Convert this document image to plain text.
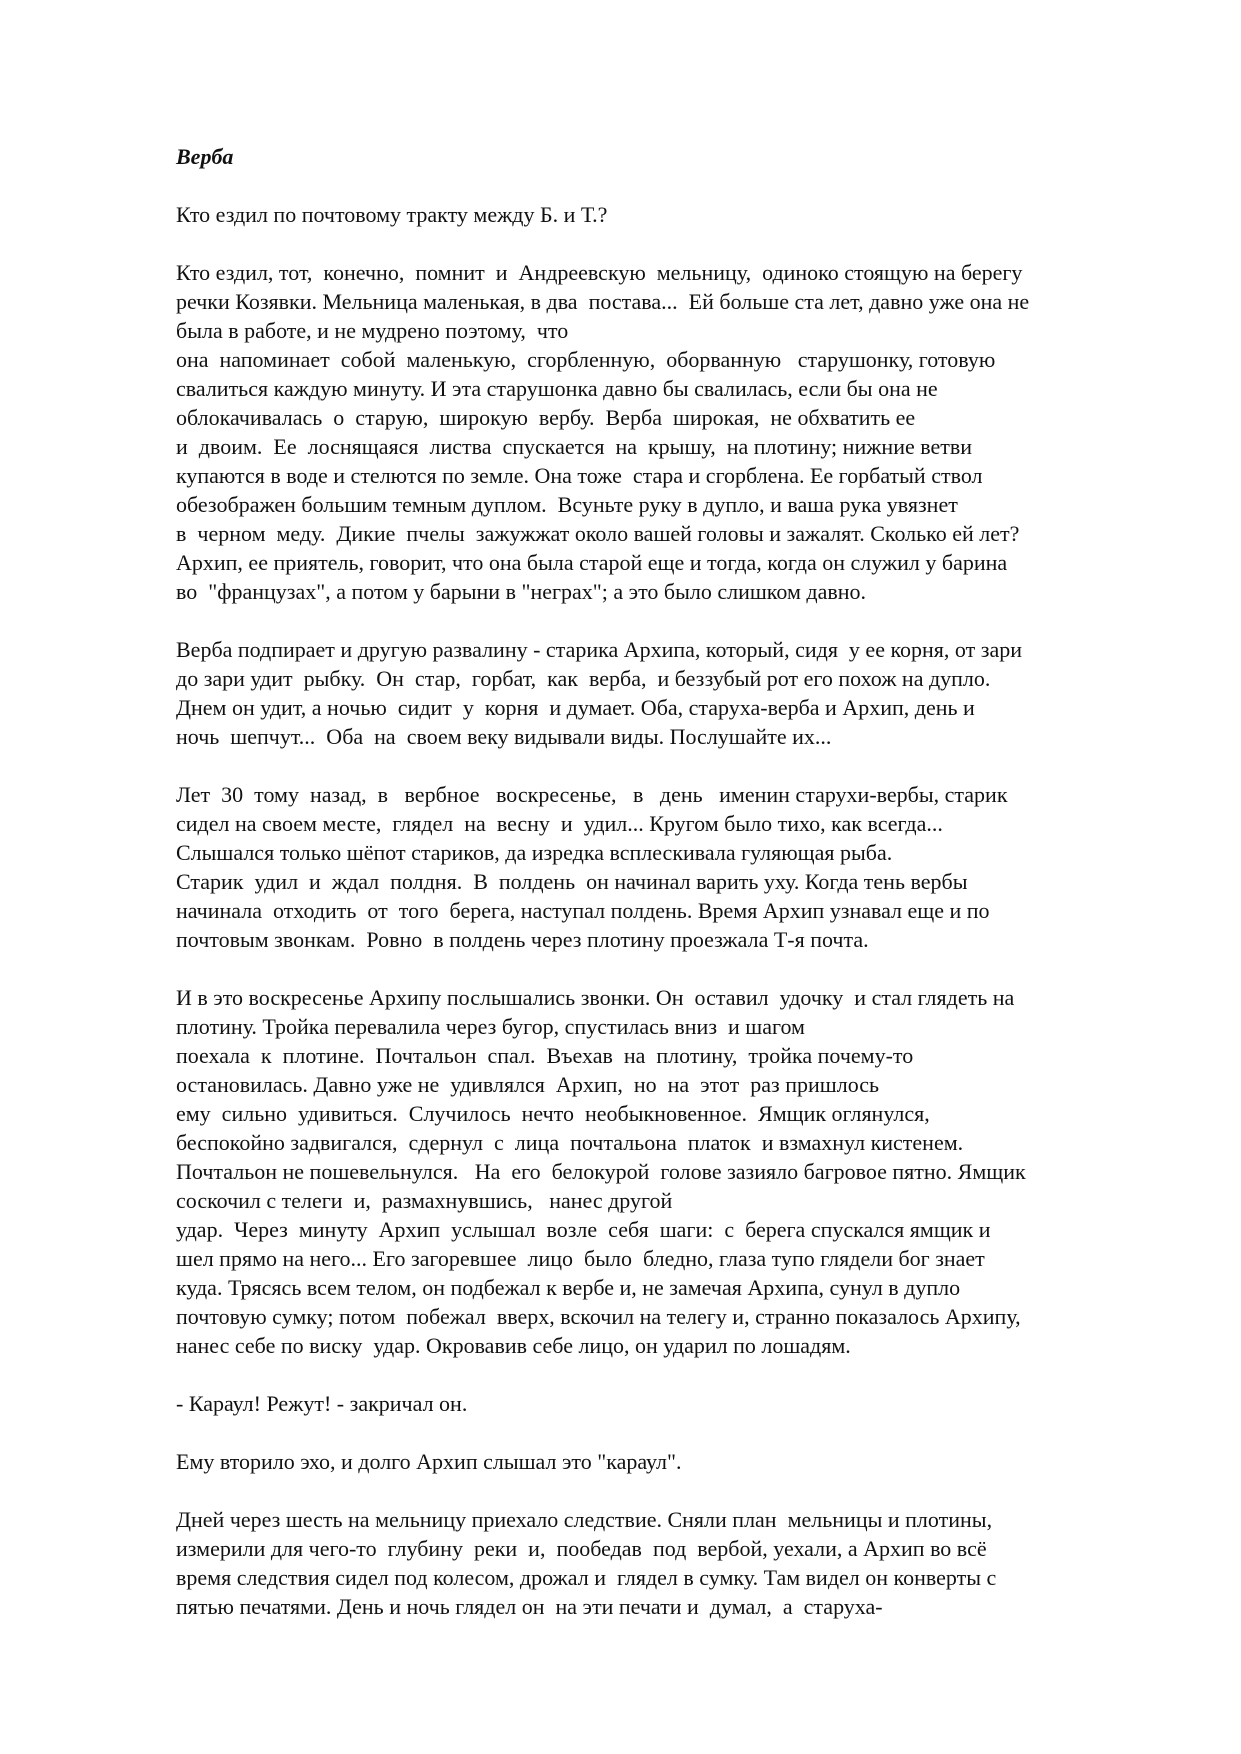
Верба
Кто ездил по почтовому тракту между Б. и Т.?
Кто ездил, тот,  конечно,  помнит  и  Андреевскую  мельницу,  одиноко стоящую на берегу
речки Козявки. Мельница маленькая, в два  постава...  Ей больше ста лет, давно уже она не
была в работе, и не мудрено поэтому,  что
она  напоминает  собой  маленькую,  сгорбленную,  оборванную   старушонку, готовую
свалиться каждую минуту. И эта старушонка давно бы свалилась, если бы она не
облокачивалась  о  старую,  широкую  вербу.  Верба  широкая,  не обхватить ее
и  двоим.  Ее  лоснящаяся  листва  спускается  на  крышу,  на плотину; нижние ветви
купаются в воде и стелются по земле. Она тоже  стара и сгорблена. Ее горбатый ствол
обезображен большим темным дуплом.  Всуньте руку в дупло, и ваша рука увязнет
в  черном  меду.  Дикие  пчелы  зажужжат около вашей головы и зажалят. Сколько ей лет?
Архип, ее приятель, говорит, что она была старой еще и тогда, когда он служил у барина
во  "французах", а потом у барыни в "неграх"; а это было слишком давно.
Верба подпирает и другую развалину - старика Архипа, который, сидя  у ее корня, от зари
до зари удит  рыбку.  Он  стар,  горбат,  как  верба,  и беззубый рот его похож на дупло.
Днем он удит, а ночью  сидит  у  корня  и думает. Оба, старуха-верба и Архип, день и
ночь  шепчут...  Оба  на  своем веку видывали виды. Послушайте их...
Лет  30  тому  назад,  в   вербное   воскресенье,   в   день   именин старухи-вербы, старик
сидел на своем месте,  глядел  на  весну  и  удил... Кругом было тихо, как всегда...
Слышался только шёпот стариков, да изредка всплескивала гуляющая рыба.
Старик  удил  и  ждал  полдня.  В  полдень  он начинал варить уху. Когда тень вербы
начинала  отходить  от  того  берега, наступал полдень. Время Архип узнавал еще и по
почтовым звонкам.  Ровно  в полдень через плотину проезжала Т-я почта.
И в это воскресенье Архипу послышались звонки. Он  оставил  удочку  и стал глядеть на
плотину. Тройка перевалила через бугор, спустилась вниз  и шагом
поехала  к  плотине.  Почтальон  спал.  Въехав  на  плотину,  тройка почему-то
остановилась. Давно уже не  удивлялся  Архип,  но  на  этот  раз пришлось
ему  сильно  удивиться.  Случилось  нечто  необыкновенное.  Ямщик оглянулся,
беспокойно задвигался,  сдернул  с  лица  почтальона  платок  и взмахнул кистенем.
Почтальон не пошевельнулся.   На  его  белокурой  голове зазияло багровое пятно. Ямщик
соскочил с телеги  и,  размахнувшись,   нанес другой
удар.  Через  минуту  Архип  услышал  возле  себя  шаги:  с  берега спускался ямщик и
шел прямо на него... Его загоревшее  лицо  было  бледно, глаза тупо глядели бог знает
куда. Трясясь всем телом, он подбежал к вербе и, не замечая Архипа, сунул в дупло
почтовую сумку; потом  побежал  вверх, вскочил на телегу и, странно показалось Архипу,
нанес себе по виску  удар. Окровавив себе лицо, он ударил по лошадям.
- Караул! Режут! - закричал он.
Ему вторило эхо, и долго Архип слышал это "караул".
Дней через шесть на мельницу приехало следствие. Сняли план  мельницы и плотины,
измерили для чего-то  глубину  реки  и,  пообедав  под  вербой, уехали, а Архип во всё
время следствия сидел под колесом, дрожал и  глядел в сумку. Там видел он конверты с
пятью печатями. День и ночь глядел он  на эти печати и  думал,  а  старуха-
